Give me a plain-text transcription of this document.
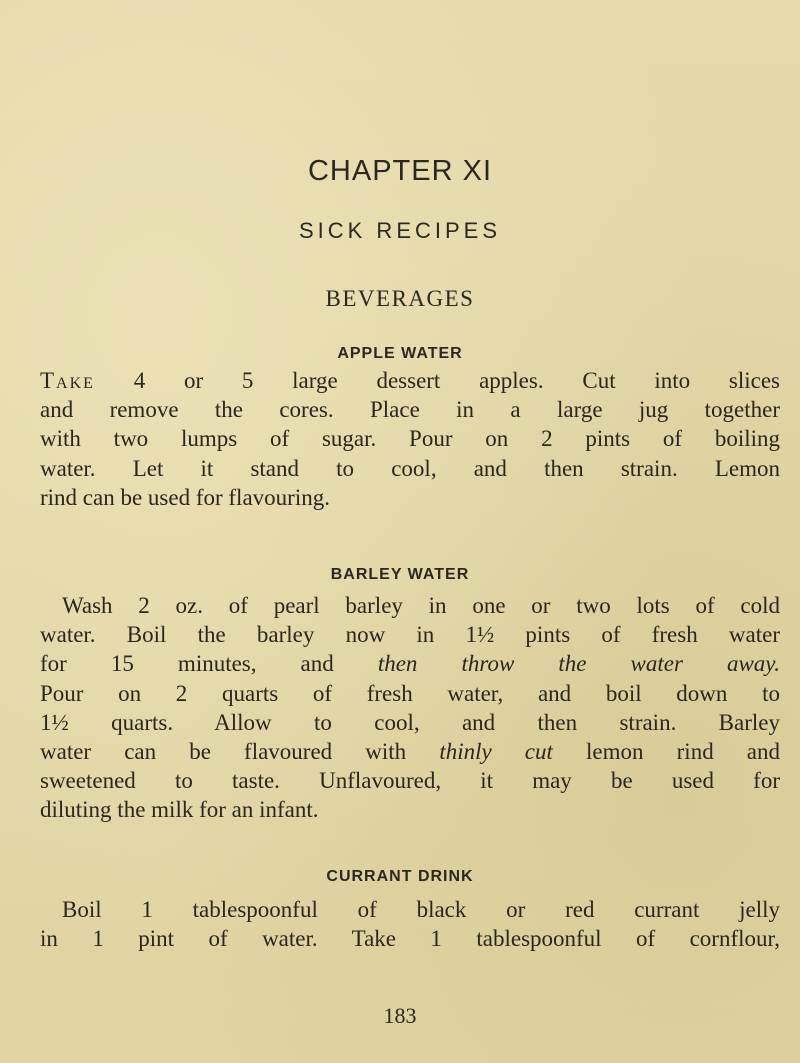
CHAPTER XI
SICK RECIPES
BEVERAGES
APPLE WATER
Take 4 or 5 large dessert apples. Cut into slices
and remove the cores. Place in a large jug together
with two lumps of sugar. Pour on 2 pints of boiling
water. Let it stand to cool, and then strain. Lemon
rind can be used for flavouring.
BARLEY WATER
Wash 2 oz. of pearl barley in one or two lots of cold
water. Boil the barley now in 1½ pints of fresh water
for 15 minutes, and then throw the water away.
Pour on 2 quarts of fresh water, and boil down to
1½ quarts. Allow to cool, and then strain. Barley
water can be flavoured with thinly cut lemon rind and
sweetened to taste. Unflavoured, it may be used for
diluting the milk for an infant.
CURRANT DRINK
Boil 1 tablespoonful of black or red currant jelly
in 1 pint of water. Take 1 tablespoonful of cornflour,
183
